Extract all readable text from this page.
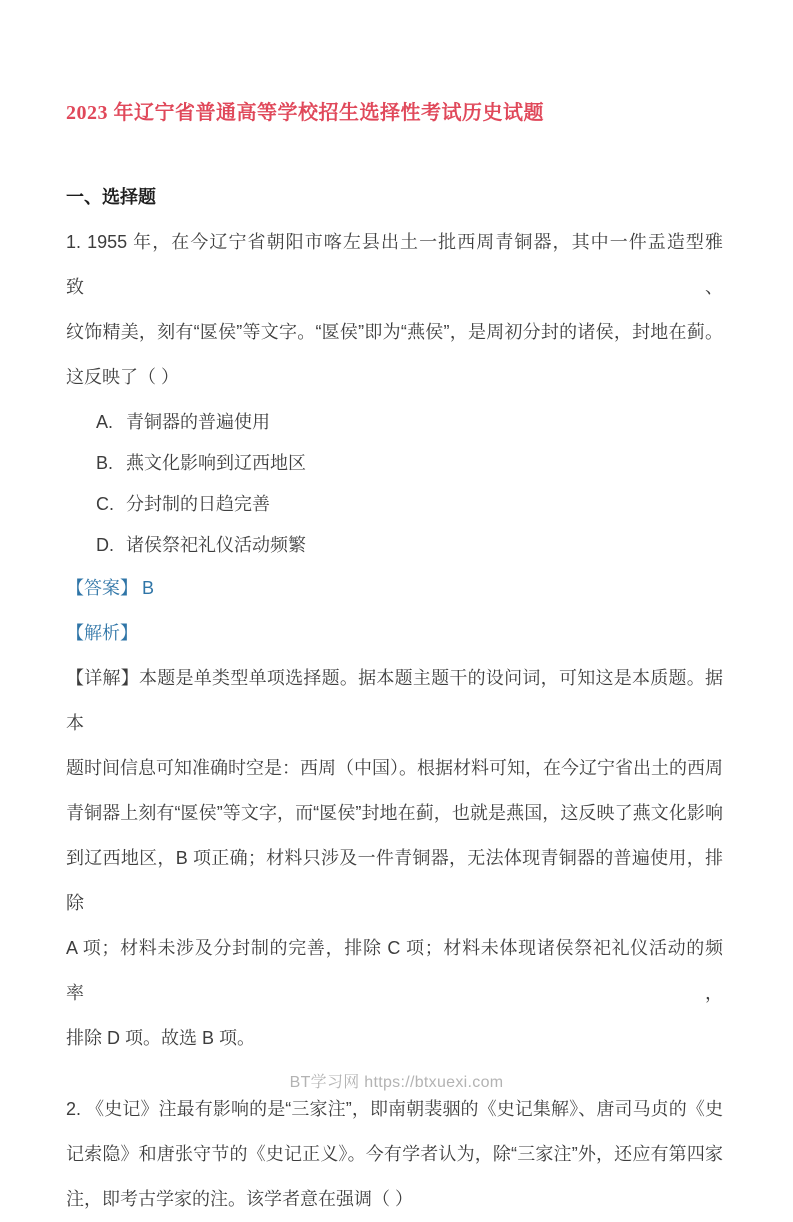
2023 年辽宁省普通高等学校招生选择性考试历史试题
一、选择题
1. 1955 年，在今辽宁省朝阳市喀左县出土一批西周青铜器，其中一件盂造型雅致、
纹饰精美，刻有“匽侯”等文字。“匽侯”即为“燕侯”，是周初分封的诸侯，封地在蓟。
这反映了（ ）
A. 青铜器的普遍使用
B. 燕文化影响到辽西地区
C. 分封制的日趋完善
D. 诸侯祭祀礼仪活动频繁
【答案】 B
【解析】
【详解】本题是单类型单项选择题。据本题主题干的设问词，可知这是本质题。据本
题时间信息可知准确时空是：西周（中国）。根据材料可知，在今辽宁省出土的西周
青铜器上刻有“匽侯”等文字，而“匽侯”封地在蓟，也就是燕国，这反映了燕文化影响
到辽西地区，B 项正确；材料只涉及一件青铜器，无法体现青铜器的普遍使用，排除
A 项；材料未涉及分封制的完善，排除 C 项；材料未体现诸侯祭祀礼仪活动的频率，
排除 D 项。故选 B 项。
2. 《史记》注最有影响的是“三家注”，即南朝裴骃的《史记集解》、唐司马贞的《史
记索隐》和唐张守节的《史记正义》。今有学者认为，除“三家注”外，还应有第四家
注，即考古学家的注。该学者意在强调（ ）
BT学习网 https://btxuexi.com
